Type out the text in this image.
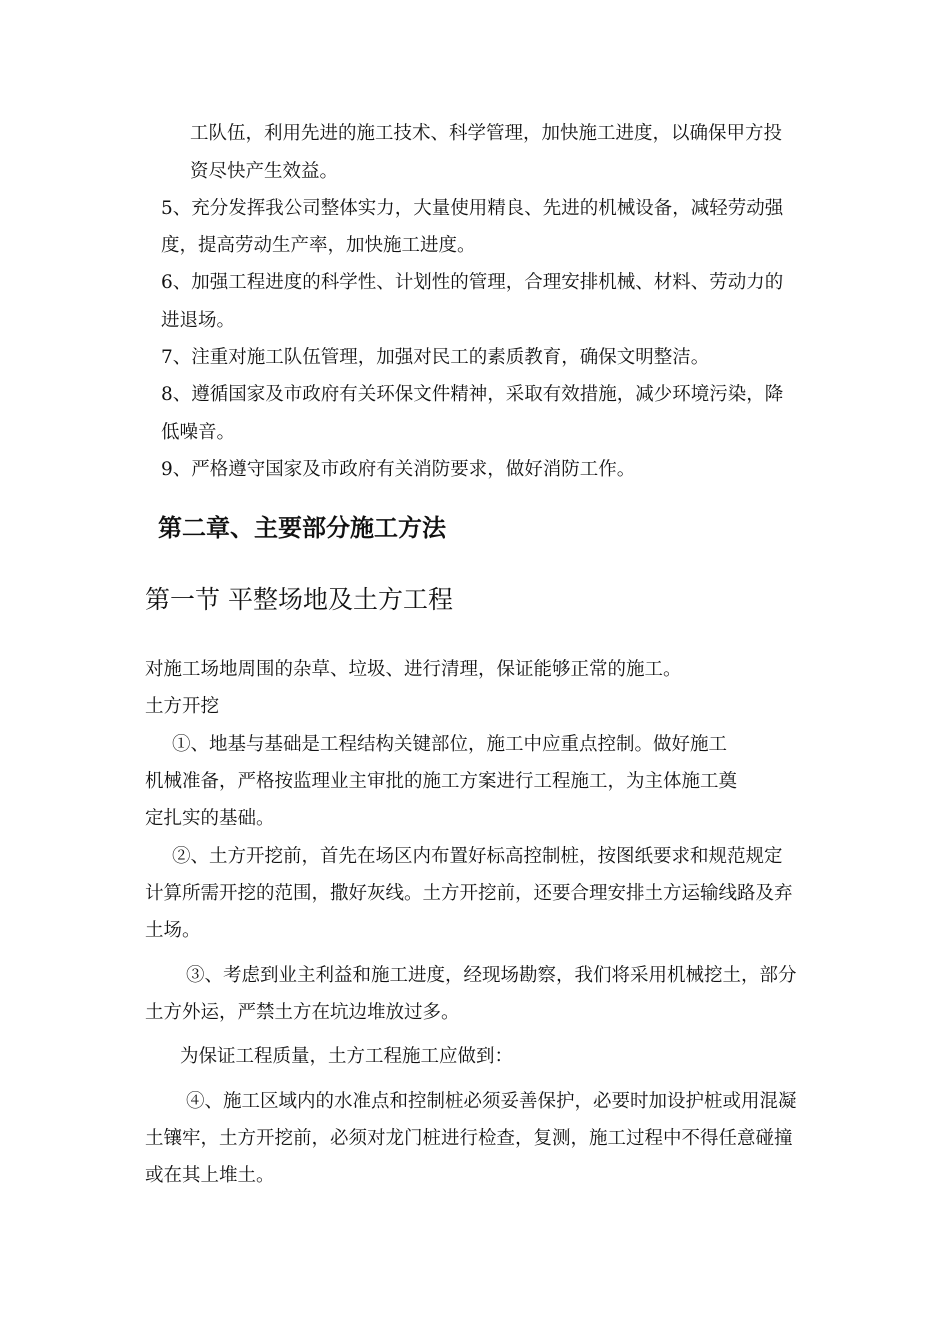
工队伍，利用先进的施工技术、科学管理，加快施工进度，以确保甲方投
资尽快产生效益。
5、充分发挥我公司整体实力，大量使用精良、先进的机械设备，减轻劳动强
度，提高劳动生产率，加快施工进度。
6、加强工程进度的科学性、计划性的管理，合理安排机械、材料、劳动力的
进退场。
7、注重对施工队伍管理，加强对民工的素质教育，确保文明整洁。
8、遵循国家及市政府有关环保文件精神，采取有效措施，减少环境污染，降
低噪音。
9、严格遵守国家及市政府有关消防要求，做好消防工作。
第二章、主要部分施工方法
第一节 平整场地及土方工程
对施工场地周围的杂草、垃圾、进行清理，保证能够正常的施工。
土方开挖
①、地基与基础是工程结构关键部位，施工中应重点控制。做好施工
机械准备，严格按监理业主审批的施工方案进行工程施工，为主体施工奠
定扎实的基础。
②、土方开挖前，首先在场区内布置好标高控制桩，按图纸要求和规范规定
计算所需开挖的范围，撒好灰线。土方开挖前，还要合理安排土方运输线路及弃
土场。
③、考虑到业主利益和施工进度，经现场勘察，我们将采用机械挖土，部分
土方外运，严禁土方在坑边堆放过多。
为保证工程质量，土方工程施工应做到：
④、施工区域内的水准点和控制桩必须妥善保护，必要时加设护桩或用混凝
土镶牢，土方开挖前，必须对龙门桩进行检查，复测，施工过程中不得任意碰撞
或在其上堆土。
